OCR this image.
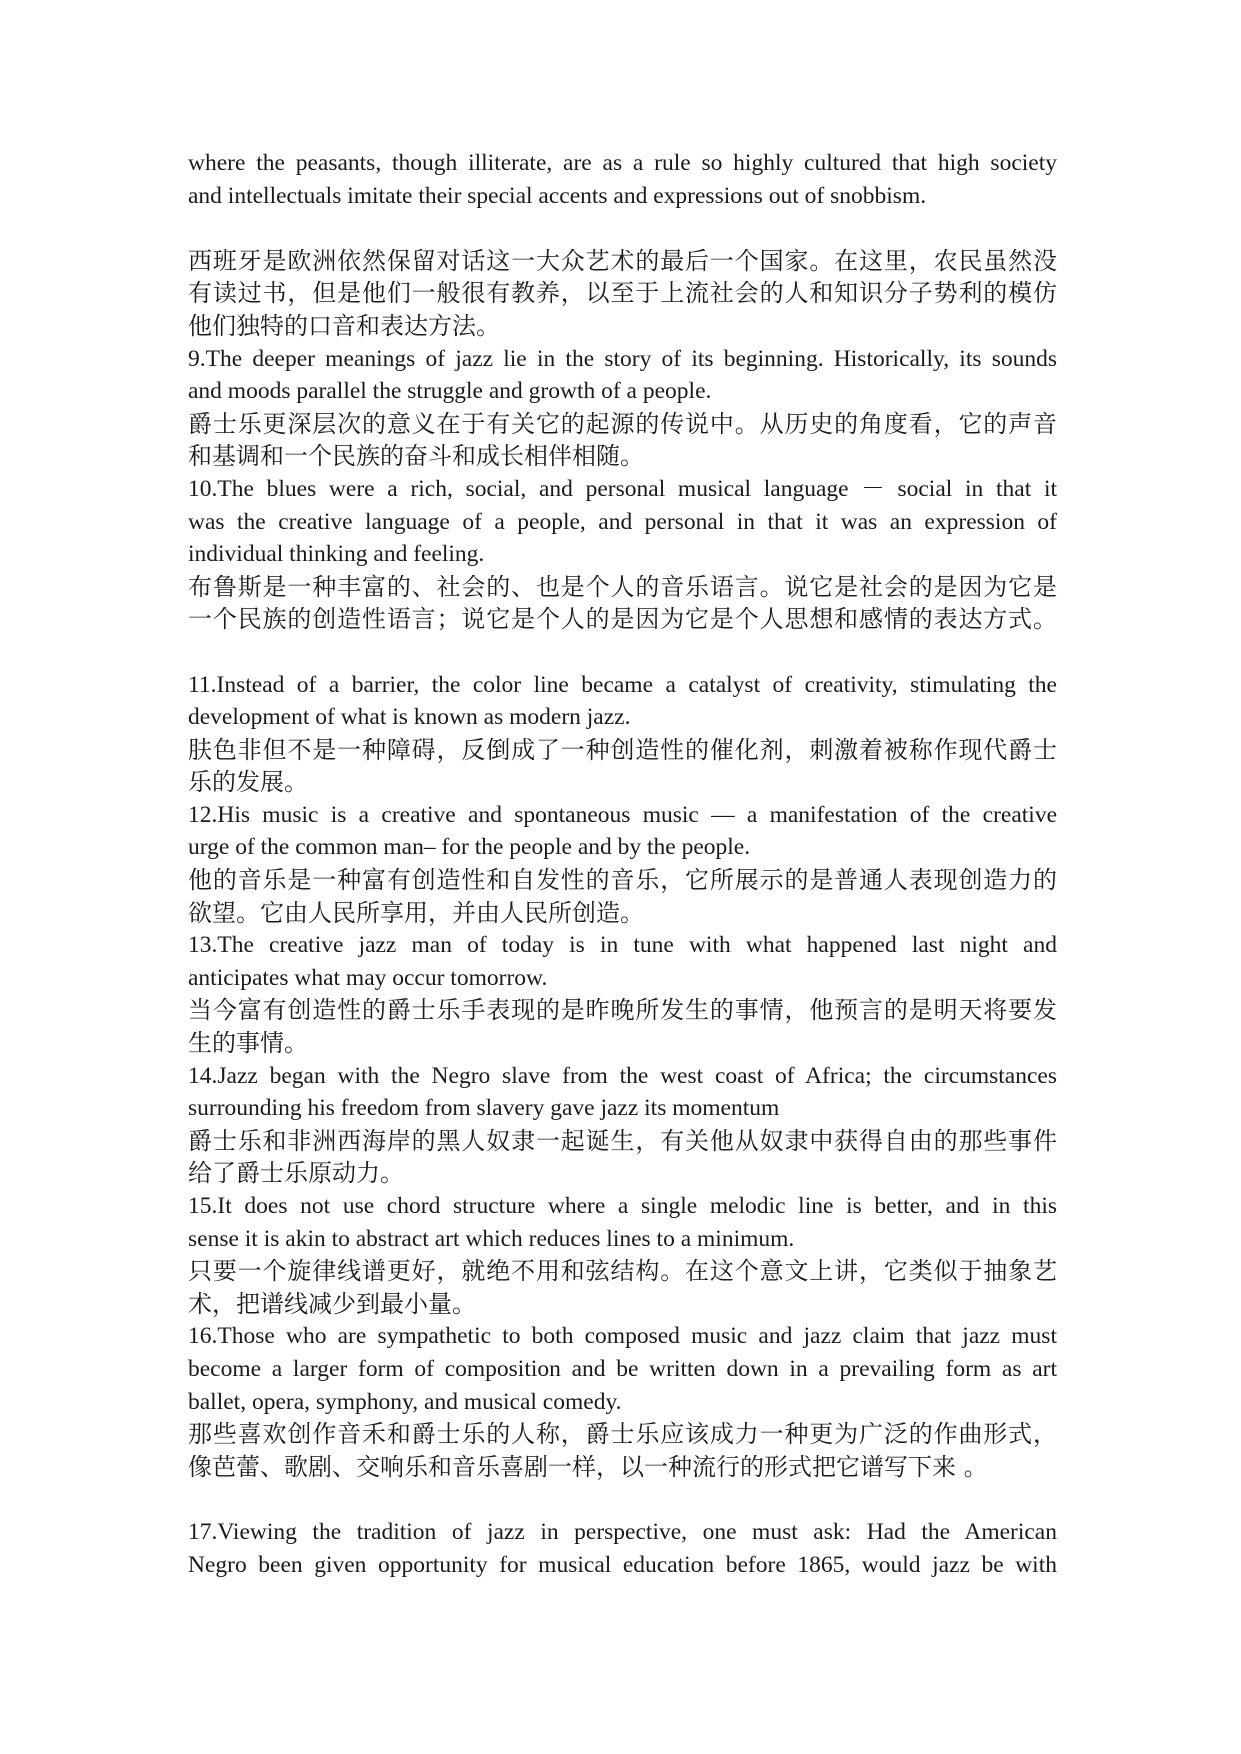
where the peasants, though illiterate, are as a rule so highly cultured that high society
and intellectuals imitate their special accents and expressions out of snobbism.
西班牙是欧洲依然保留对话这一大众艺术的最后一个国家。在这里，农民虽然没
有读过书，但是他们一般很有教养，以至于上流社会的人和知识分子势利的模仿
他们独特的口音和表达方法。
9.The deeper meanings of jazz lie in the story of its beginning. Historically, its sounds
and moods parallel the struggle and growth of a people.
爵士乐更深层次的意义在于有关它的起源的传说中。从历史的角度看，它的声音
和基调和一个民族的奋斗和成长相伴相随。
10.The blues were a rich, social, and personal musical language － social in that it
was the creative language of a people, and personal in that it was an expression of
individual thinking and feeling.
布鲁斯是一种丰富的、社会的、也是个人的音乐语言。说它是社会的是因为它是
一个民族的创造性语言；说它是个人的是因为它是个人思想和感情的表达方式。
11.Instead of a barrier, the color line became a catalyst of creativity, stimulating the
development of what is known as modern jazz.
肤色非但不是一种障碍，反倒成了一种创造性的催化剂，刺激着被称作现代爵士
乐的发展。
12.His music is a creative and spontaneous music — a manifestation of the creative
urge of the common man– for the people and by the people.
他的音乐是一种富有创造性和自发性的音乐，它所展示的是普通人表现创造力的
欲望。它由人民所享用，并由人民所创造。
13.The creative jazz man of today is in tune with what happened last night and
anticipates what may occur tomorrow.
当今富有创造性的爵士乐手表现的是昨晚所发生的事情，他预言的是明天将要发
生的事情。
14.Jazz began with the Negro slave from the west coast of Africa; the circumstances
surrounding his freedom from slavery gave jazz its momentum
爵士乐和非洲西海岸的黑人奴隶一起诞生，有关他从奴隶中获得自由的那些事件
给了爵士乐原动力。
15.It does not use chord structure where a single melodic line is better, and in this
sense it is akin to abstract art which reduces lines to a minimum.
只要一个旋律线谱更好，就绝不用和弦结构。在这个意文上讲，它类似于抽象艺
术，把谱线减少到最小量。
16.Those who are sympathetic to both composed music and jazz claim that jazz must
become a larger form of composition and be written down in a prevailing form as art
ballet, opera, symphony, and musical comedy.
那些喜欢创作音禾和爵士乐的人称，爵士乐应该成力一种更为广泛的作曲形式，
像芭蕾、歌剧、交响乐和音乐喜剧一样，以一种流行的形式把它谱写下来 。
17.Viewing the tradition of jazz in perspective, one must ask: Had the American
Negro been given opportunity for musical education before 1865, would jazz be with
